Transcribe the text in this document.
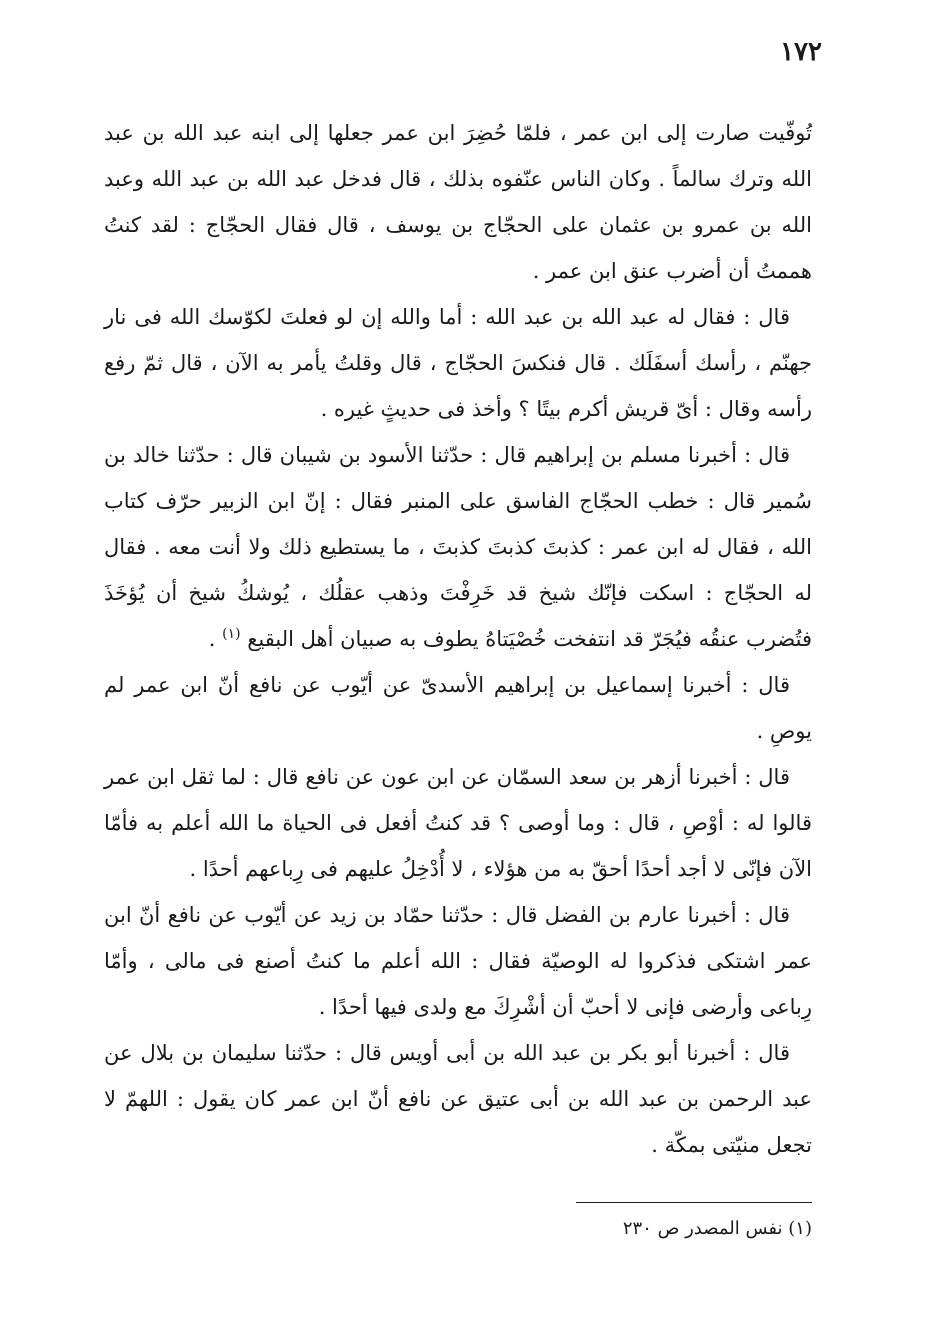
١٧٢

تُوفّيت صارت إلى ابن عمر ، فلمّا حُضِرَ ابن عمر جعلها إلى ابنه عبد الله بن عبد الله وترك سالماً . وكان الناس عنّفوه بذلك ، قال فدخل عبد الله بن عبد الله وعبد الله بن عمرو بن عثمان على الحجّاج بن يوسف ، قال فقال الحجّاج : لقد كنتُ هممتُ أن أضرب عنق ابن عمر .

قال : فقال له عبد الله بن عبد الله : أما والله إن لو فعلتَ لكوّسك الله فى نار جهنّم ، رأسك أسفَلَك . قال فنكسَ الحجّاج ، قال وقلتُ يأمر به الآن ، قال ثمّ رفع رأسه وقال : أىّ قريش أكرم بيتًا ؟ وأخذ فى حديثٍ غيره .

قال : أخبرنا مسلم بن إبراهيم قال : حدّثنا الأسود بن شيبان قال : حدّثنا خالد بن سُمير قال : خطب الحجّاج الفاسق على المنبر فقال : إنّ ابن الزبير حرّف كتاب الله ، فقال له ابن عمر : كذبتَ كذبتَ كذبتَ ، ما يستطيع ذلك ولا أنت معه . فقال له الحجّاج : اسكت فإنّك شيخ قد خَرِفْتَ وذهب عقلُك ، يُوشكُ شيخ أن يُؤخَذَ فتُضرب عنقُه فيُجَرّ قد انتفخت خُصْيَتاهُ يطوف به صبيان أهل البقيع $^{(١)}$ .

قال : أخبرنا إسماعيل بن إبراهيم الأسدىّ عن أيّوب عن نافع أنّ ابن عمر لم يوصِ .

قال : أخبرنا أزهر بن سعد السمّان عن ابن عون عن نافع قال : لما ثقل ابن عمر قالوا له : أوْصِ ، قال : وما أوصى ؟ قد كنتُ أفعل فى الحياة ما الله أعلم به فأمّا الآن فإنّى لا أجد أحدًا أحقّ به من هؤلاء ، لا أُدْخِلُ عليهم فى رِباعهم أحدًا .

قال : أخبرنا عارم بن الفضل قال : حدّثنا حمّاد بن زيد عن أيّوب عن نافع أنّ ابن عمر اشتكى فذكروا له الوصيّة فقال : الله أعلم ما كنتُ أصنع فى مالى ، وأمّا رِباعى وأرضى فإنى لا أحبّ أن أشْرِكَ مع ولدى فيها أحدًا .

قال : أخبرنا أبو بكر بن عبد الله بن أبى أويس قال : حدّثنا سليمان بن بلال عن عبد الرحمن بن عبد الله بن أبى عتيق عن نافع أنّ ابن عمر كان يقول : اللهمّ لا تجعل منيّتى بمكّة .

(١) نفس المصدر ص ٢٣٠
